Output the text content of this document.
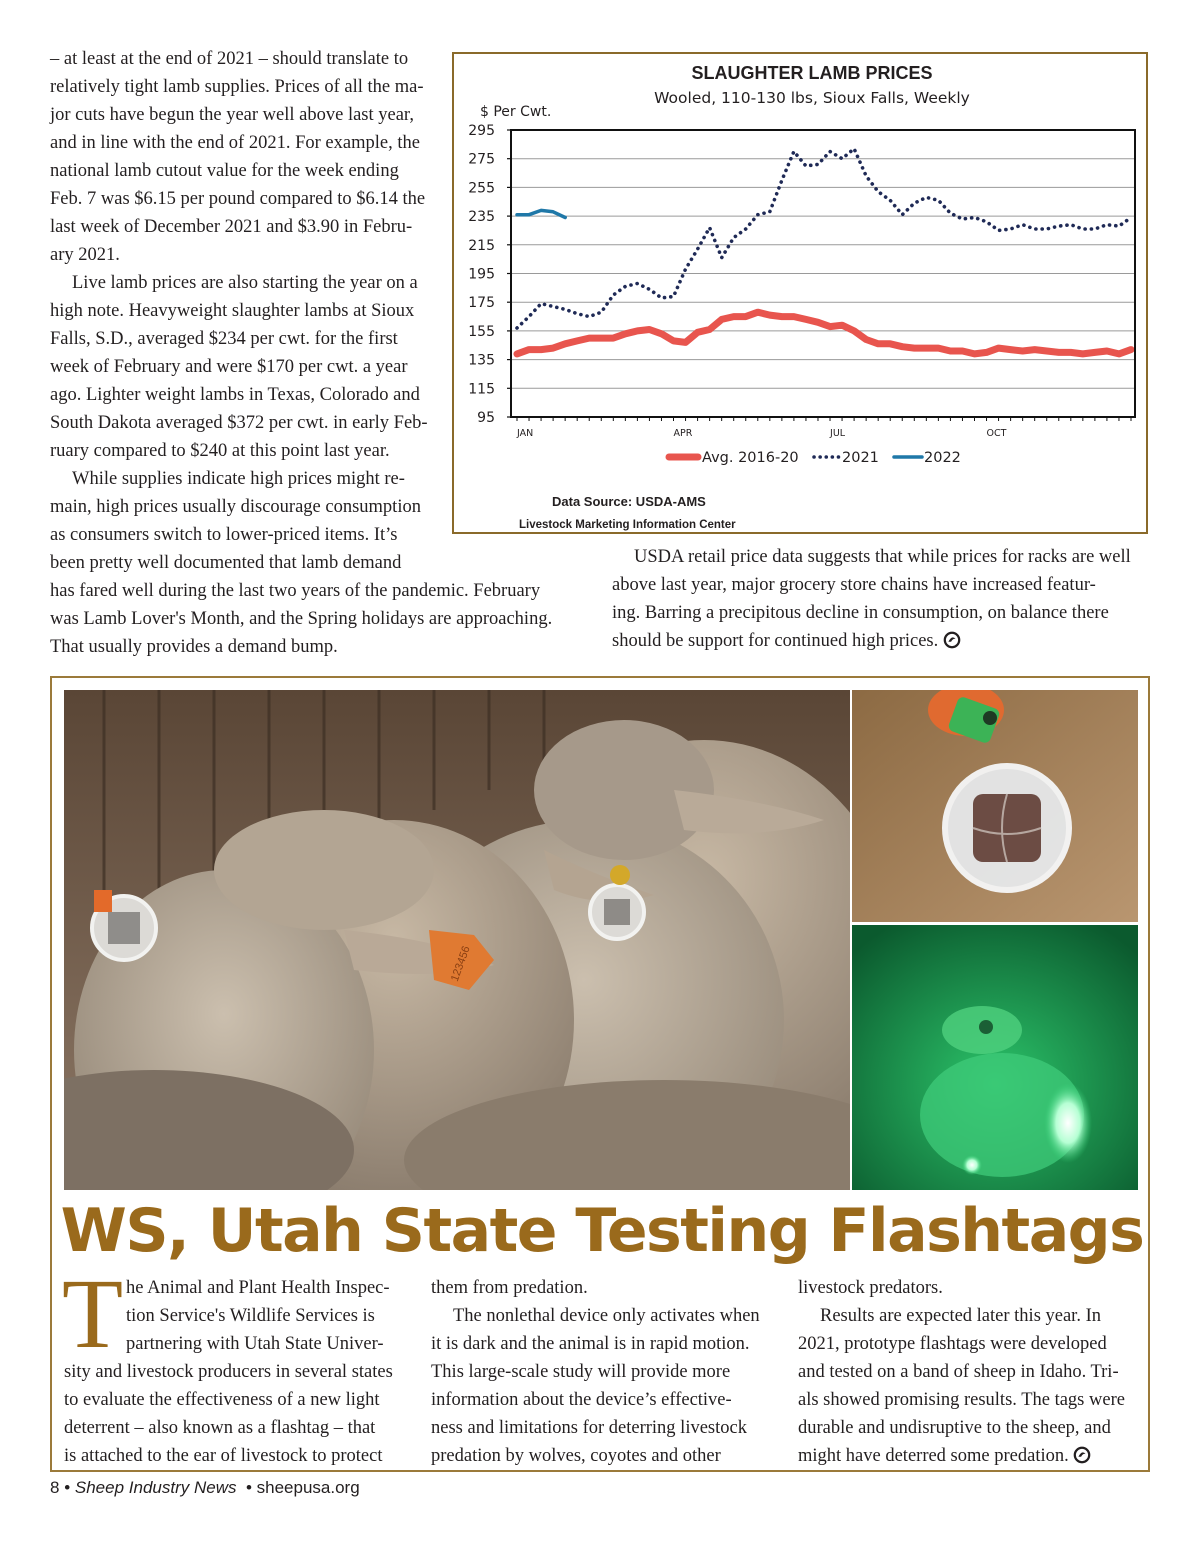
– at least at the end of 2021 – should translate to
relatively tight lamb supplies. Prices of all the ma-
jor cuts have begun the year well above last year,
and in line with the end of 2021. For example, the
national lamb cutout value for the week ending
Feb. 7 was $6.15 per pound compared to $6.14 the
last week of December 2021 and $3.90 in Febru-
ary 2021.
Live lamb prices are also starting the year on a
high note. Heavyweight slaughter lambs at Sioux
Falls, S.D., averaged $234 per cwt. for the first
week of February and were $170 per cwt. a year
ago. Lighter weight lambs in Texas, Colorado and
South Dakota averaged $372 per cwt. in early Feb-
ruary compared to $240 at this point last year.
While supplies indicate high prices might re-
main, high prices usually discourage consumption
as consumers switch to lower-priced items. It’s
been pretty well documented that lamb demand
has fared well during the last two years of the pandemic. February
was Lamb Lover's Month, and the Spring holidays are approaching.
That usually provides a demand bump.
USDA retail price data suggests that while prices for racks are well
above last year, major grocery store chains have increased featur-
ing. Barring a precipitous decline in consumption, on balance there
should be support for continued high prices.
SLAUGHTER LAMB PRICES
Wooled, 110-130 lbs, Sioux Falls, Weekly
$ Per Cwt.
95
115
135
155
175
195
215
235
255
275
295
JAN	APR	JUL	OCT
Avg. 2016-20	2021	2022
Data Source: USDA-AMS
Livestock Marketing Information Center
123456
WS, Utah State Testing Flashtags
T he Animal and Plant Health Inspec-
tion Service's Wildlife Services is
partnering with Utah State Univer-
sity and livestock producers in several states
to evaluate the effectiveness of a new light
deterrent – also known as a flashtag – that
is attached to the ear of livestock to protect
them from predation.
The nonlethal device only activates when
it is dark and the animal is in rapid motion.
This large-scale study will provide more
information about the device’s effective-
ness and limitations for deterring livestock
predation by wolves, coyotes and other
livestock predators.
Results are expected later this year. In
2021, prototype flashtags were developed
and tested on a band of sheep in Idaho. Tri-
als showed promising results. The tags were
durable and undisruptive to the sheep, and
might have deterred some predation.
8 • Sheep Industry News • sheepusa.org
